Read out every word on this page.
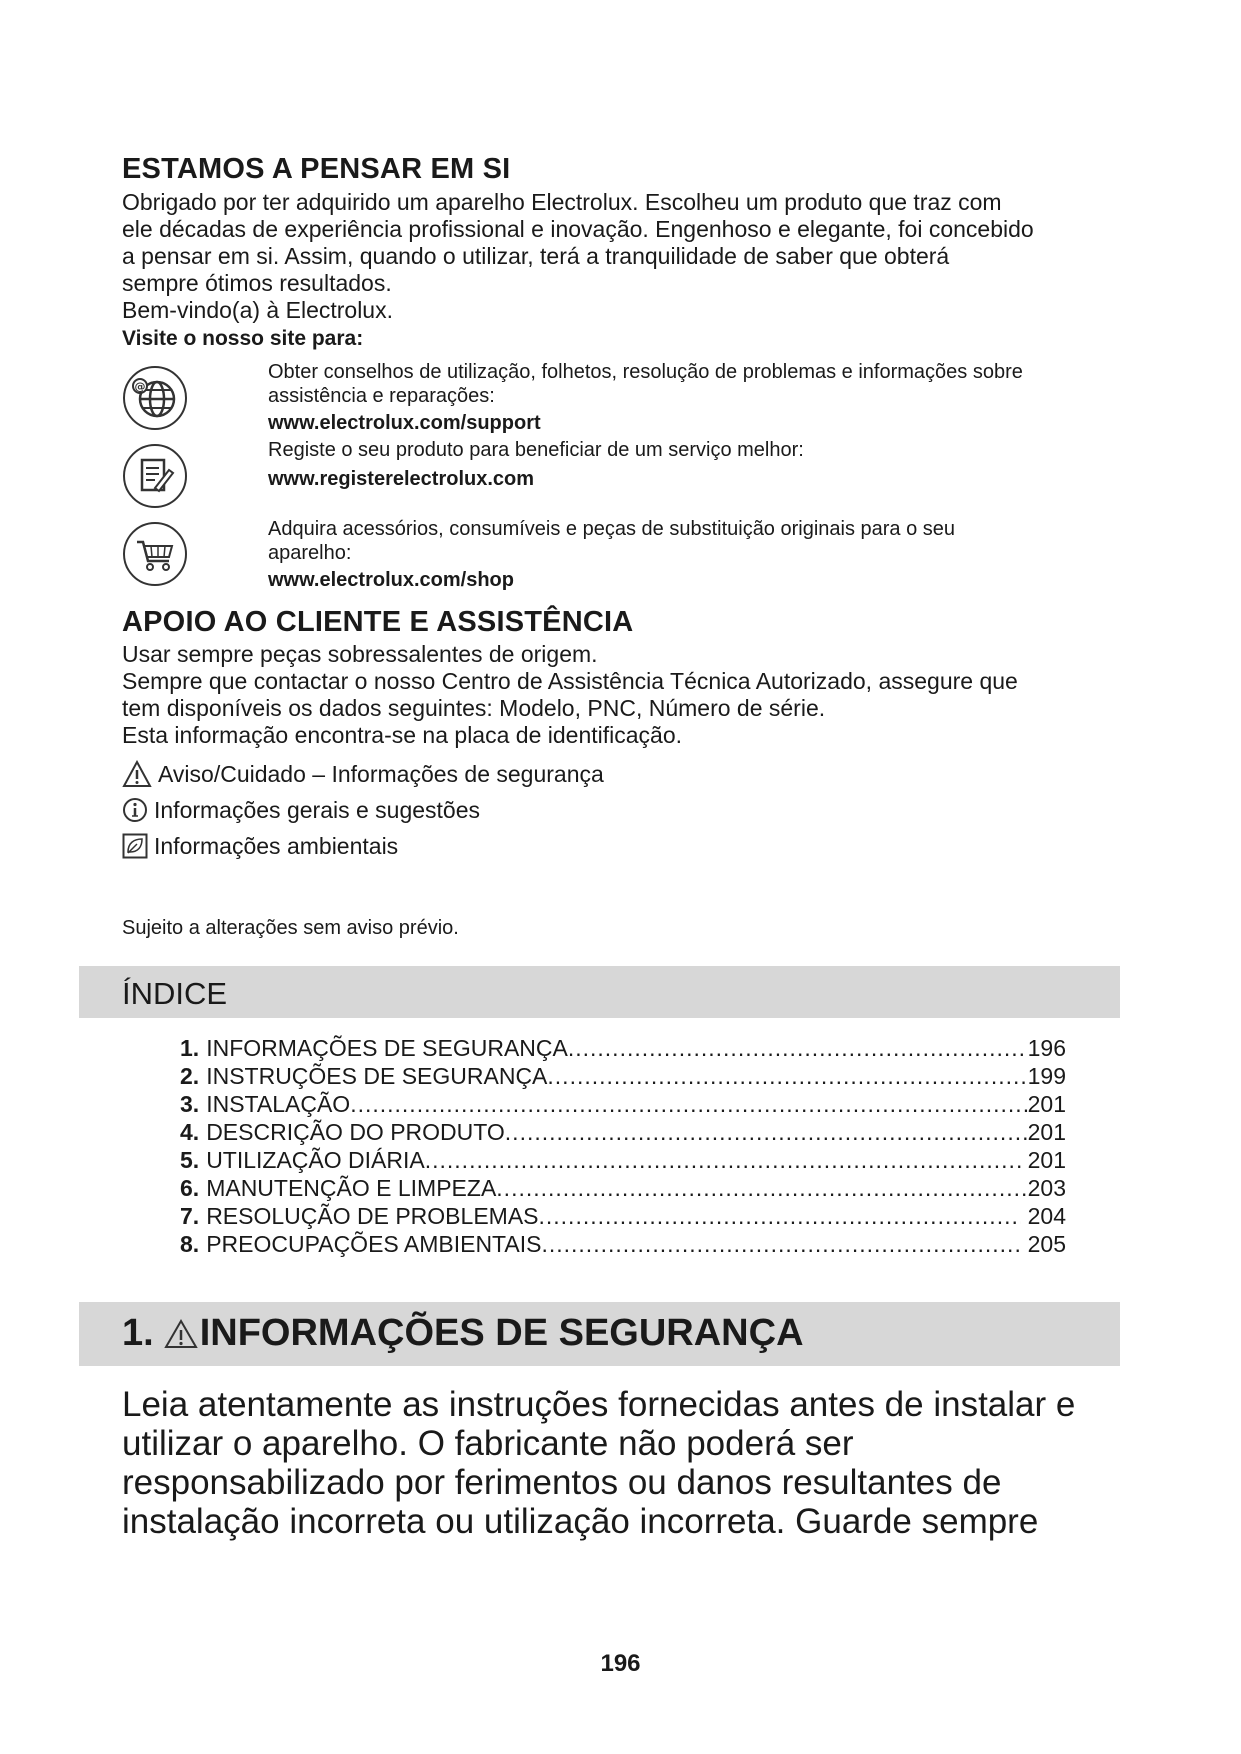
ESTAMOS A PENSAR EM SI
Obrigado por ter adquirido um aparelho Electrolux. Escolheu um produto que traz com
ele décadas de experiência profissional e inovação. Engenhoso e elegante, foi concebido
a pensar em si. Assim, quando o utilizar, terá a tranquilidade de saber que obterá
sempre ótimos resultados.
Bem-vindo(a) à Electrolux.
Visite o nosso site para:
@
Obter conselhos de utilização, folhetos, resolução de problemas e informações sobre
assistência e reparações:
www.electrolux.com/support
Registe o seu produto para beneficiar de um serviço melhor:
www.registerelectrolux.com
Adquira acessórios, consumíveis e peças de substituição originais para o seu
aparelho:
www.electrolux.com/shop
APOIO AO CLIENTE E ASSISTÊNCIA
Usar sempre peças sobressalentes de origem.
Sempre que contactar o nosso Centro de Assistência Técnica Autorizado, assegure que
tem disponíveis os dados seguintes: Modelo, PNC, Número de série.
Esta informação encontra-se na placa de identificação.
Aviso/Cuidado – Informações de segurança
Informações gerais e sugestões
Informações ambientais
Sujeito a alterações sem aviso prévio.
ÍNDICE
1. INFORMAÇÕES DE SEGURANÇA .....	196
2. INSTRUÇÕES DE SEGURANÇA .....	199
3. INSTALAÇÃO .....	201
4. DESCRIÇÃO DO PRODUTO .....	201
5. UTILIZAÇÃO DIÁRIA .....	201
6. MANUTENÇÃO E LIMPEZA .....	203
7. RESOLUÇÃO DE PROBLEMAS .....	204
8. PREOCUPAÇÕES AMBIENTAIS .....	205
1. INFORMAÇÕES DE SEGURANÇA
Leia atentamente as instruções fornecidas antes de instalar e
utilizar o aparelho. O fabricante não poderá ser
responsabilizado por ferimentos ou danos resultantes de
instalação incorreta ou utilização incorreta. Guarde sempre
196
